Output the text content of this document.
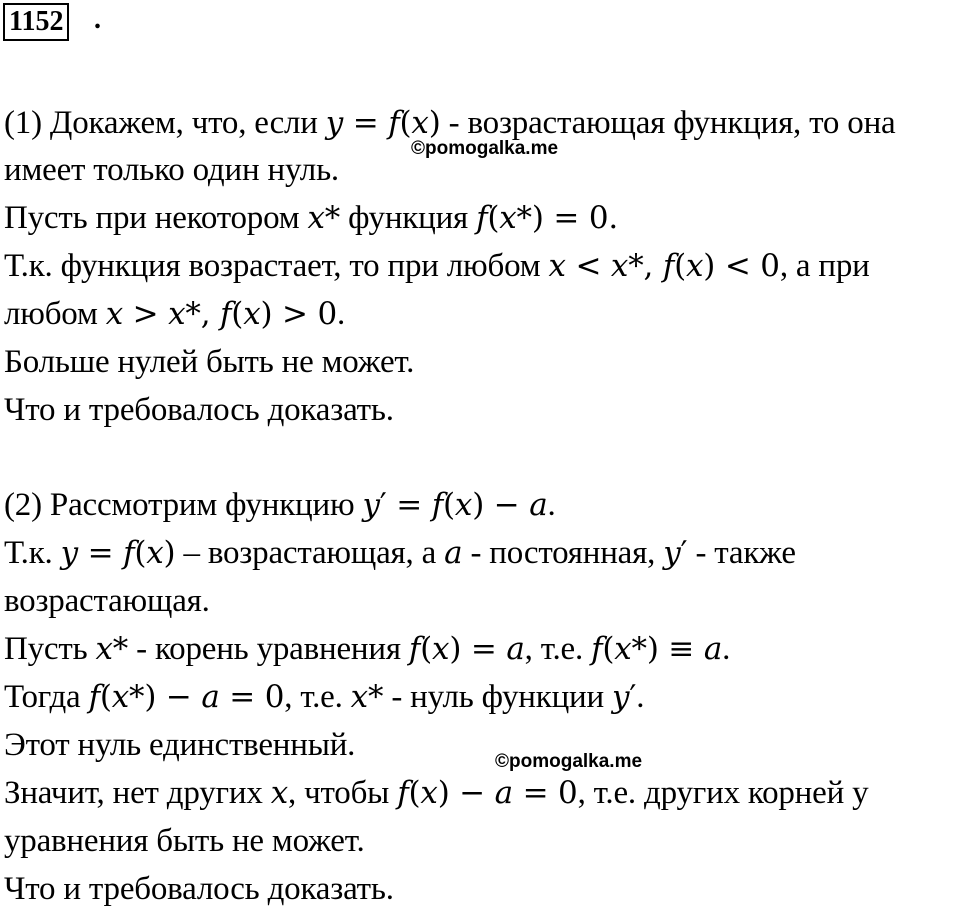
1152 .
(1) Докажем, что, если y = f(x) - возрастающая функция, то она
имеет только один нуль.
Пусть при некотором x* функция f(x*) = 0.
Т.к. функция возрастает, то при любом x < x*, f(x) < 0, а при
любом x > x*, f(x) > 0.
Больше нулей быть не может.
Что и требовалось доказать.
(2) Рассмотрим функцию y′ = f(x) − a.
Т.к. y = f(x) – возрастающая, а a - постоянная, y′ - также
возрастающая.
Пусть x* - корень уравнения f(x) = a, т.е. f(x*) ≡ a.
Тогда f(x*) − a = 0, т.е. x* - нуль функции y′.
Этот нуль единственный.
Значит, нет других x, чтобы f(x) − a = 0, т.е. других корней у
уравнения быть не может.
Что и требовалось доказать.
©pomogalka.me
©pomogalka.me
